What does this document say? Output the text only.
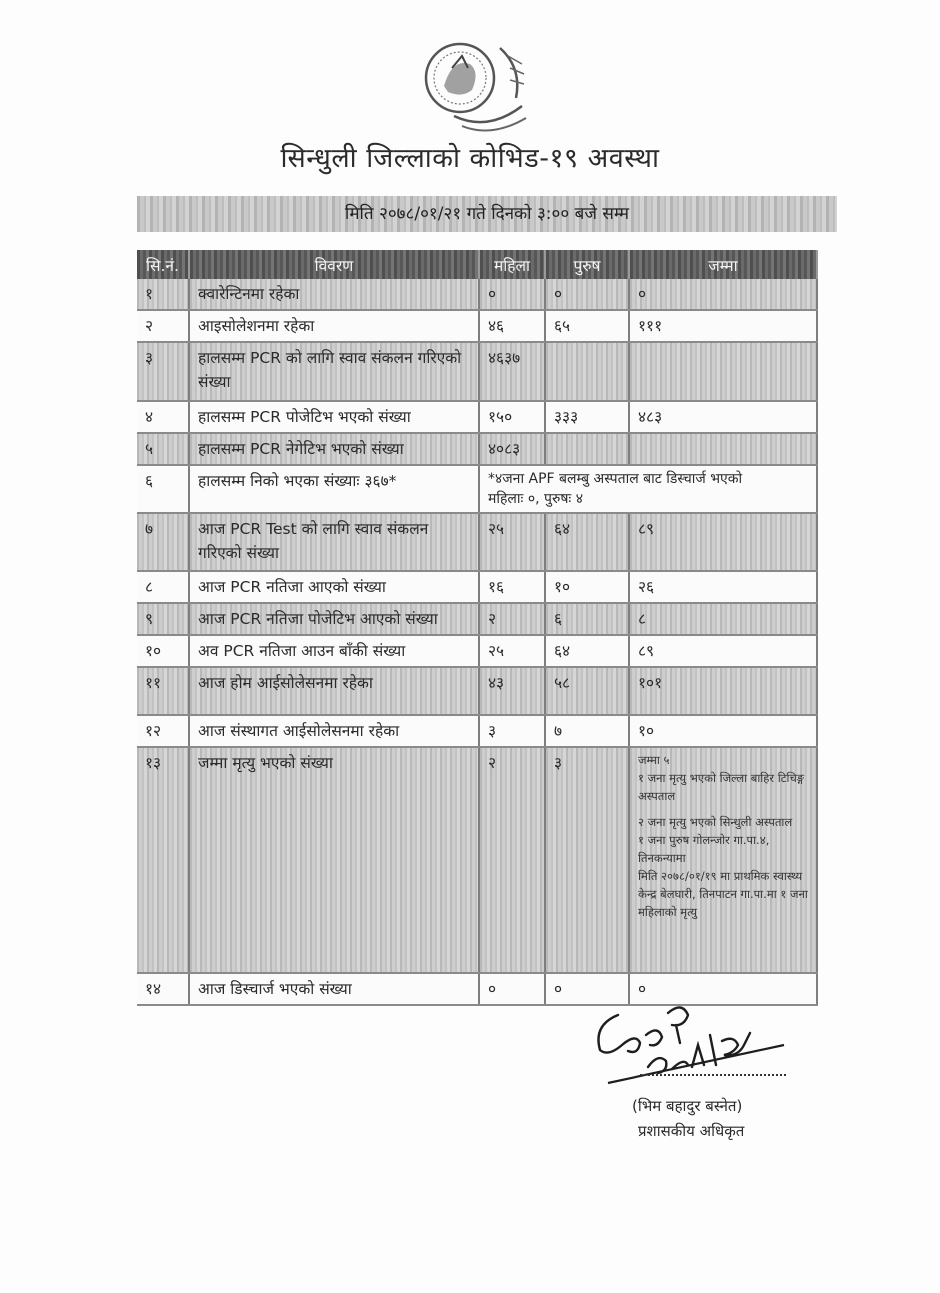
सिन्धुली जिल्लाको कोभिड-१९ अवस्था
मिति २०७८/०१/२१ गते दिनको ३:०० बजे सम्म
सि.नं.	विवरण	महिला	पुरुष	जम्मा
१	क्वारेन्टिनमा रहेका	०	०	०
२	आइसोलेशनमा रहेका	४६	६५	१११
३	हालसम्म PCR को लागि स्वाव संकलन गरिएको संख्या	४६३७		
४	हालसम्म PCR पोजेटिभ भएको संख्या	१५०	३३३	४८३
५	हालसम्म PCR नेगेटिभ भएको संख्या	४०८३		
६	हालसम्म निको भएका संख्याः ३६७*	*४जना APF बलम्बु अस्पताल बाट डिस्चार्ज भएको
महिलाः ०, पुरुषः ४		

७	आज PCR Test को लागि स्वाव संकलन गरिएको संख्या	२५	६४	८९
८	आज PCR नतिजा आएको संख्या	१६	१०	२६
९	आज PCR नतिजा पोजेटिभ आएको संख्या	२	६	८
१०	अव PCR नतिजा आउन बाँकी संख्या	२५	६४	८९
११	आज होम आईसोलेसनमा रहेका	४३	५८	१०१
१२	आज संस्थागत आईसोलेसनमा रहेका	३	७	१०
१३	जम्मा मृत्यु भएको संख्या	२	३	जम्मा ५
१ जना मृत्यु भएको जिल्ला बाहिर टिचिङ्ग अस्पताल
२ जना मृत्यु भएको सिन्धुली अस्पताल
१ जना पुरुष गोलन्जोर गा.पा.४, तिनकन्यामा
मिति २०७८/०१/१९ मा प्राथमिक स्वास्थ्य केन्द्र बेलघारी, तिनपाटन गा.पा.मा १ जना महिलाको मृत्यु

१४	आज डिस्चार्ज भएको संख्या	०	०	०
(भिम बहादुर बस्नेत)
प्रशासकीय अधिकृत
